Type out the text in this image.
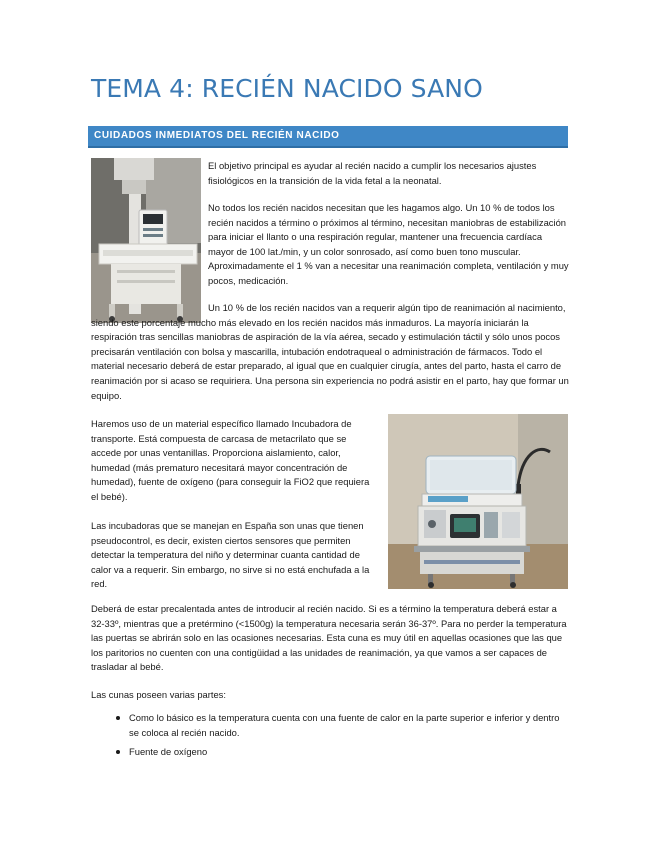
TEMA 4: RECIÉN NACIDO SANO
CUIDADOS INMEDIATOS DEL RECIÉN NACIDO

El objetivo principal es ayudar al recién nacido a cumplir los necesarios ajustes fisiológicos en la transición de la vida fetal a la neonatal.

No todos los recién nacidos necesitan que les hagamos algo. Un 10 % de todos los recién nacidos a término o próximos al término, necesitan maniobras de estabilización para iniciar el llanto o una respiración regular, mantener una frecuencia cardíaca mayor de 100 lat./min, y un color sonrosado, así como buen tono muscular. Aproximadamente el 1 % van a necesitar una reanimación completa, ventilación y muy pocos, medicación.

Un 10 % de los recién nacidos van a requerir algún tipo de reanimación al nacimiento, siendo este porcentaje mucho más elevado en los recién nacidos más inmaduros. La mayoría iniciarán la respiración tras sencillas maniobras de aspiración de la vía aérea, secado y estimulación táctil y sólo unos pocos precisarán ventilación con bolsa y mascarilla, intubación endotraqueal o administración de fármacos. Todo el material necesario deberá de estar preparado, al igual que en cualquier cirugía, antes del parto, hasta el carro de reanimación por si acaso se requiriera. Una persona sin experiencia no podrá asistir en el parto, hay que formar un equipo.

Haremos uso de un material específico llamado Incubadora de transporte. Está compuesta de carcasa de metacrilato que se accede por unas ventanillas. Proporciona aislamiento, calor, humedad (más prematuro necesitará mayor concentración de humedad), fuente de oxígeno (para conseguir la FiO2 que requiera el bebé).

Las incubadoras que se manejan en España son unas que tienen pseudocontrol, es decir, existen ciertos sensores que permiten detectar la temperatura del niño y determinar cuanta cantidad de calor va a requerir. Sin embargo, no sirve si no está enchufada a la red.

Deberá de estar precalentada antes de introducir al recién nacido. Si es a término la temperatura deberá estar a 32-33º, mientras que a pretérmino (<1500g) la temperatura necesaria serán 36-37º. Para no perder la temperatura las puertas se abrirán solo en las ocasiones necesarias. Esta cuna es muy útil en aquellas ocasiones que las que los paritorios no cuenten con una contigüidad a las unidades de reanimación, ya que vamos a ser capaces de trasladar al bebé.

Las cunas poseen varias partes:

Como lo básico es la temperatura cuenta con una fuente de calor en la parte superior e inferior y dentro se coloca al recién nacido.
Fuente de oxígeno
